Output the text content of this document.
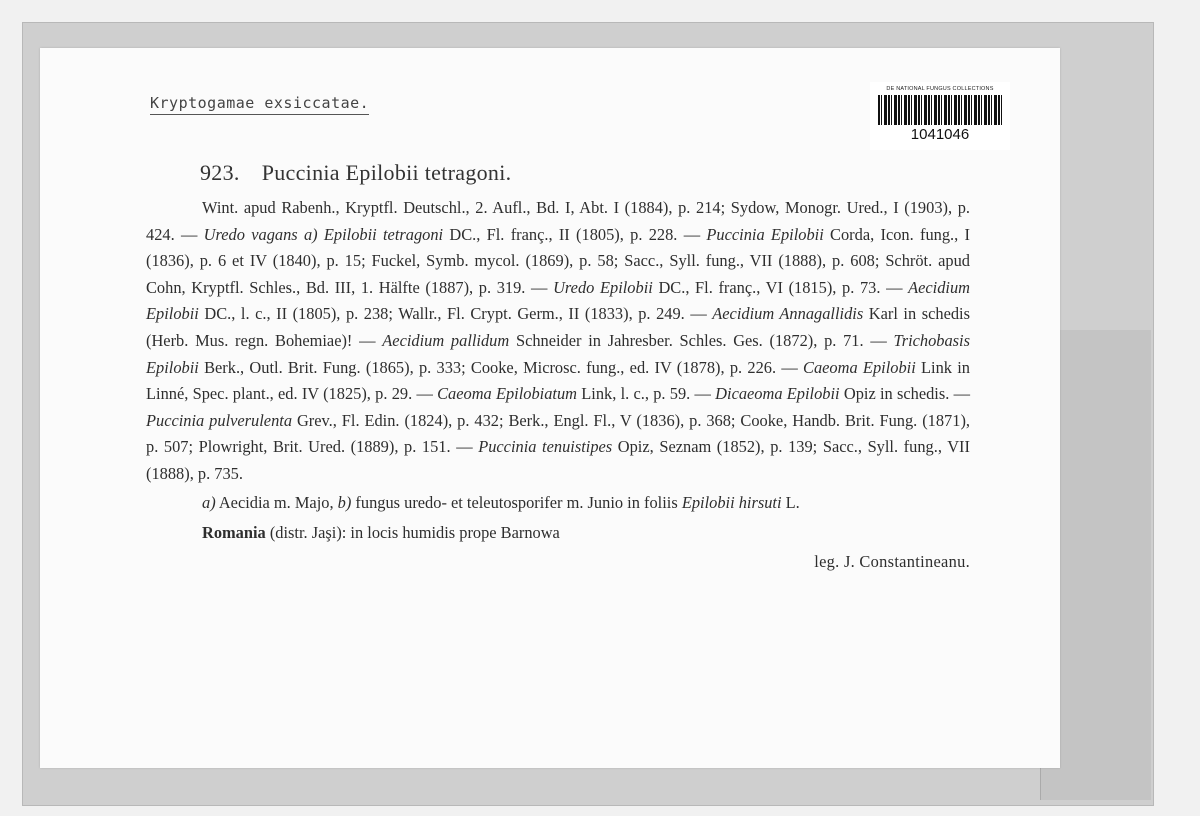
Kryptogamae exsiccatae.
DE NATIONAL FUNGUS COLLECTIONS
1041046
923. Puccinia Epilobii tetragoni.

Wint. apud Rabenh., Kryptfl. Deutschl., 2. Aufl., Bd. I, Abt. I (1884), p. 214; Sydow, Monogr. Ured., I (1903), p. 424. — Uredo vagans a) Epilobii tetragoni DC., Fl. franç., II (1805), p. 228. — Puccinia Epilobii Corda, Icon. fung., I (1836), p. 6 et IV (1840), p. 15; Fuckel, Symb. mycol. (1869), p. 58; Sacc., Syll. fung., VII (1888), p. 608; Schröt. apud Cohn, Kryptfl. Schles., Bd. III, 1. Hälfte (1887), p. 319. — Uredo Epilobii DC., Fl. franç., VI (1815), p. 73. — Aecidium Epilobii DC., l. c., II (1805), p. 238; Wallr., Fl. Crypt. Germ., II (1833), p. 249. — Aecidium Annagallidis Karl in schedis (Herb. Mus. regn. Bohemiae)! — Aecidium pallidum Schneider in Jahresber. Schles. Ges. (1872), p. 71. — Trichobasis Epilobii Berk., Outl. Brit. Fung. (1865), p. 333; Cooke, Microsc. fung., ed. IV (1878), p. 226. — Caeoma Epilobii Link in Linné, Spec. plant., ed. IV (1825), p. 29. — Caeoma Epilobiatum Link, l. c., p. 59. — Dicaeoma Epilobii Opiz in schedis. — Puccinia pulverulenta Grev., Fl. Edin. (1824), p. 432; Berk., Engl. Fl., V (1836), p. 368; Cooke, Handb. Brit. Fung. (1871), p. 507; Plowright, Brit. Ured. (1889), p. 151. — Puccinia tenuistipes Opiz, Seznam (1852), p. 139; Sacc., Syll. fung., VII (1888), p. 735.

a) Aecidia m. Majo, b) fungus uredo- et teleutosporifer m. Junio in foliis Epilobii hirsuti L.

Romania (distr. Jaşi): in locis humidis prope Barnowa

leg. J. Constantineanu.
